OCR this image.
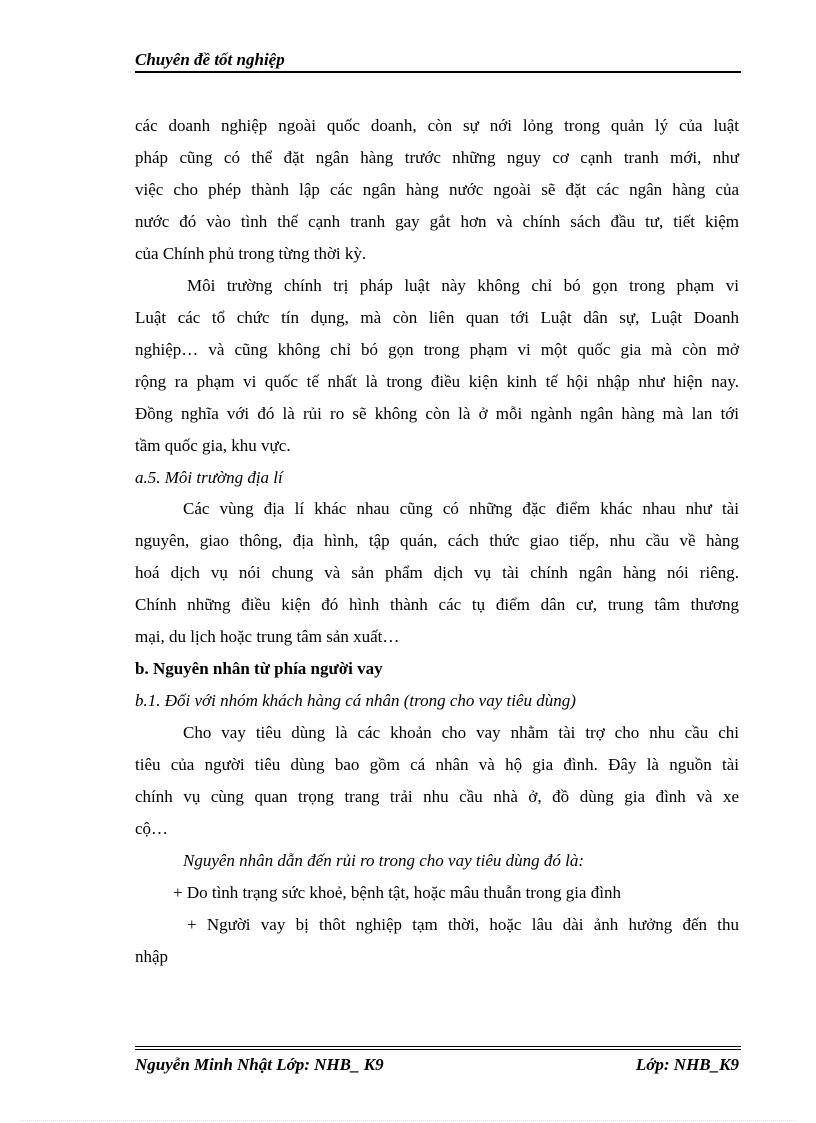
Chuyên đề tốt nghiệp
các doanh nghiệp ngoài quốc doanh, còn sự nới lỏng trong quản lý của luật
pháp cũng có thể đặt ngân hàng trước những nguy cơ cạnh tranh mới, như
việc cho phép thành lập các ngân hàng nước ngoài sẽ đặt các ngân hàng của
nước đó vào tình thế cạnh tranh gay gắt hơn và chính sách đầu tư, tiết kiệm
của Chính phủ trong từng thời kỳ.
Môi trường chính trị pháp luật này không chỉ bó gọn trong phạm vi
Luật các tổ chức tín dụng, mà còn liên quan tới Luật dân sự, Luật Doanh
nghiệp… và cũng không chỉ bó gọn trong phạm vi một quốc gia mà còn mở
rộng ra phạm vi quốc tế nhất là trong điều kiện kinh tế hội nhập như hiện nay.
Đồng nghĩa với đó là rủi ro sẽ không còn là ở mỗi ngành ngân hàng mà lan tới
tầm quốc gia, khu vực.
a.5. Môi trường địa lí
Các vùng địa lí khác nhau cũng có những đặc điểm khác nhau như tài
nguyên, giao thông, địa hình, tập quán, cách thức giao tiếp, nhu cầu về hàng
hoá dịch vụ nói chung và sản phẩm dịch vụ tài chính ngân hàng nói riêng.
Chính những điều kiện đó hình thành các tụ điểm dân cư, trung tâm thương
mại, du lịch hoặc trung tâm sản xuất…
b. Nguyên nhân từ phía người vay
b.1. Đối với nhóm khách hàng cá nhân (trong cho vay tiêu dùng)
Cho vay tiêu dùng là các khoản cho vay nhằm tài trợ cho nhu cầu chi
tiêu của người tiêu dùng bao gồm cá nhân và hộ gia đình. Đây là nguồn tài
chính vụ cùng quan trọng trang trải nhu cầu nhà ở, đồ dùng gia đình và xe
cộ…
Nguyên nhân dẫn đến rủi ro trong cho vay tiêu dùng đó là:
+ Do tình trạng sức khoẻ, bệnh tật, hoặc mâu thuẫn trong gia đình
+ Người vay bị thôt nghiệp tạm thời, hoặc lâu dài ảnh hưởng đến thu
nhập
Nguyễn Minh Nhật Lớp: NHB_ K9	Lớp: NHB_K9
